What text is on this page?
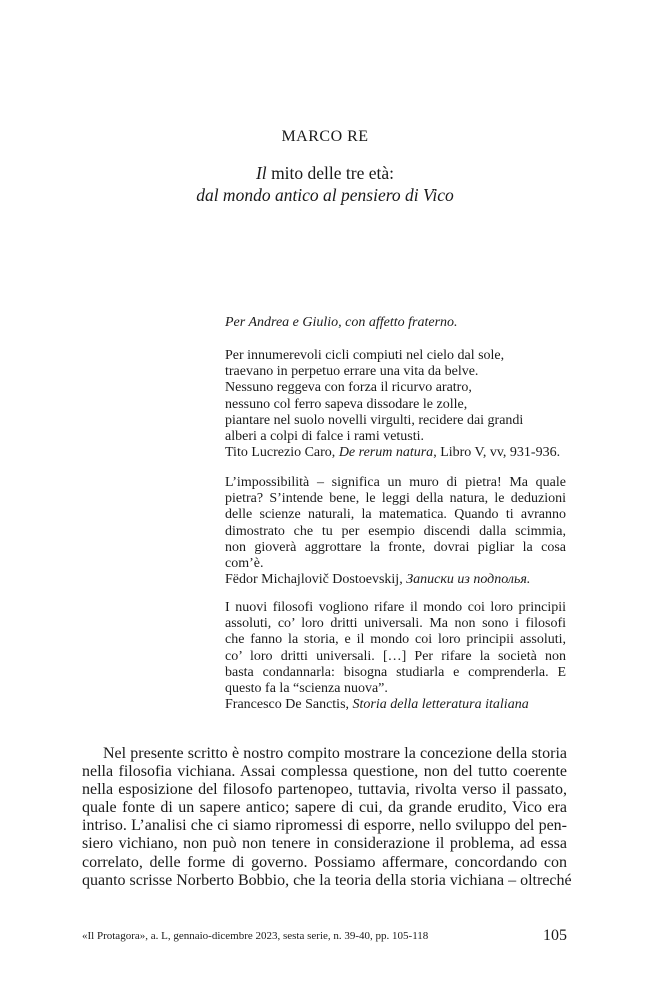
MARCO RE
Il mito delle tre età:
dal mondo antico al pensiero di Vico
Per Andrea e Giulio, con affetto fraterno.
Per innumerevoli cicli compiuti nel cielo dal sole,
traevano in perpetuo errare una vita da belve.
Nessuno reggeva con forza il ricurvo aratro,
nessuno col ferro sapeva dissodare le zolle,
piantare nel suolo novelli virgulti, recidere dai grandi
alberi a colpi di falce i rami vetusti.
Tito Lucrezio Caro, De rerum natura, Libro V, vv, 931-936.
L’impossibilità – significa un muro di pietra! Ma quale
pietra? S’intende bene, le leggi della natura, le deduzioni
delle scienze naturali, la matematica. Quando ti avranno
dimostrato che tu per esempio discendi dalla scimmia,
non gioverà aggrottare la fronte, dovrai pigliar la cosa
com’è.
Fëdor Michajlovič Dostoevskij, Записки из подполья.
I nuovi filosofi vogliono rifare il mondo coi loro principii
assoluti, co’ loro dritti universali. Ma non sono i filosofi
che fanno la storia, e il mondo coi loro principii assoluti,
co’ loro dritti universali. […] Per rifare la società non
basta condannarla: bisogna studiarla e comprenderla. E
questo fa la “scienza nuova”.
Francesco De Sanctis, Storia della letteratura italiana
Nel presente scritto è nostro compito mostrare la concezione della storia
nella filosofia vichiana. Assai complessa questione, non del tutto coerente
nella esposizione del filosofo partenopeo, tuttavia, rivolta verso il passato,
quale fonte di un sapere antico; sapere di cui, da grande erudito, Vico era
intriso. L’analisi che ci siamo ripromessi di esporre, nello sviluppo del pen-
siero vichiano, non può non tenere in considerazione il problema, ad essa
correlato, delle forme di governo. Possiamo affermare, concordando con
quanto scrisse Norberto Bobbio, che la teoria della storia vichiana – oltreché
«Il Protagora», a. L, gennaio-dicembre 2023, sesta serie, n. 39-40, pp. 105-118	105
